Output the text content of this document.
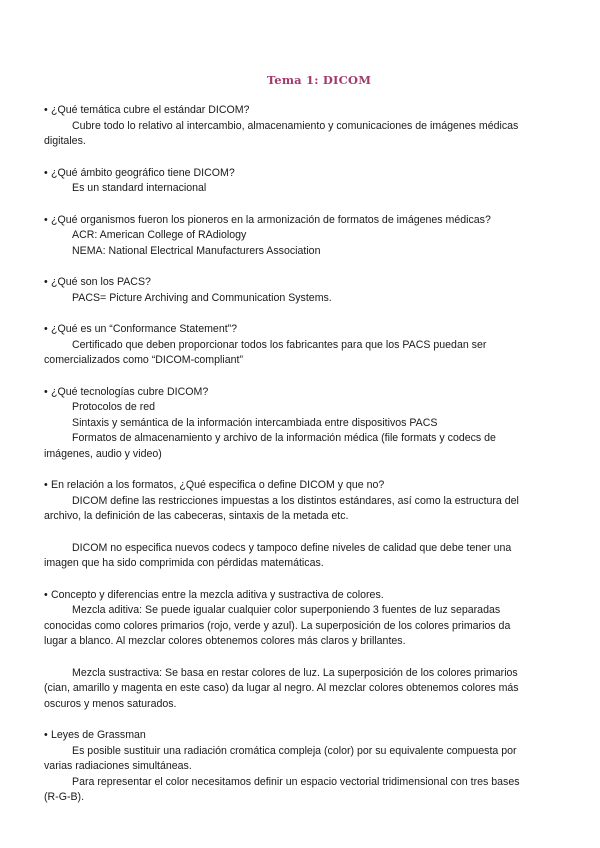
Tema 1: DICOM

• ¿Qué temática cubre el estándar DICOM?

Cubre todo lo relativo al intercambio, almacenamiento y comunicaciones de imágenes médicas digitales.

• ¿Qué ámbito geográfico tiene DICOM?

Es un standard internacional

• ¿Qué organismos fueron los pioneros en la armonización de formatos de imágenes médicas?

ACR: American College of RAdiology

NEMA: National Electrical Manufacturers Association

• ¿Qué son los PACS?

PACS= Picture Archiving and Communication Systems.

• ¿Qué es un “Conformance Statement”?

Certificado que deben proporcionar todos los fabricantes para que los PACS puedan ser comercializados como “DICOM-compliant”

• ¿Qué tecnologías cubre DICOM?

Protocolos de red

Sintaxis y semántica de la información intercambiada entre dispositivos PACS

Formatos de almacenamiento y archivo de la información médica (file formats y codecs de imágenes, audio y video)

• En relación a los formatos, ¿Qué especifica o define DICOM y que no?

DICOM define las restricciones impuestas a los distintos estándares, así como la estructura del archivo, la definición de las cabeceras, sintaxis de la metada etc.

DICOM no especifica nuevos codecs y tampoco define niveles de calidad que debe tener una imagen que ha sido comprimida con pérdidas matemáticas.

• Concepto y diferencias entre la mezcla aditiva y sustractiva de colores.

Mezcla aditiva: Se puede igualar cualquier color superponiendo 3 fuentes de luz separadas conocidas como colores primarios (rojo, verde y azul). La superposición de los colores primarios da lugar a blanco. Al mezclar colores obtenemos colores más claros y brillantes.

Mezcla sustractiva: Se basa en restar colores de luz. La superposición de los colores primarios (cian, amarillo y magenta en este caso) da lugar al negro. Al mezclar colores obtenemos colores más oscuros y menos saturados.

• Leyes de Grassman

Es posible sustituir una radiación cromática compleja (color) por su equivalente compuesta por varias radiaciones simultáneas.

Para representar el color necesitamos definir un espacio vectorial tridimensional con tres bases (R-G-B).
